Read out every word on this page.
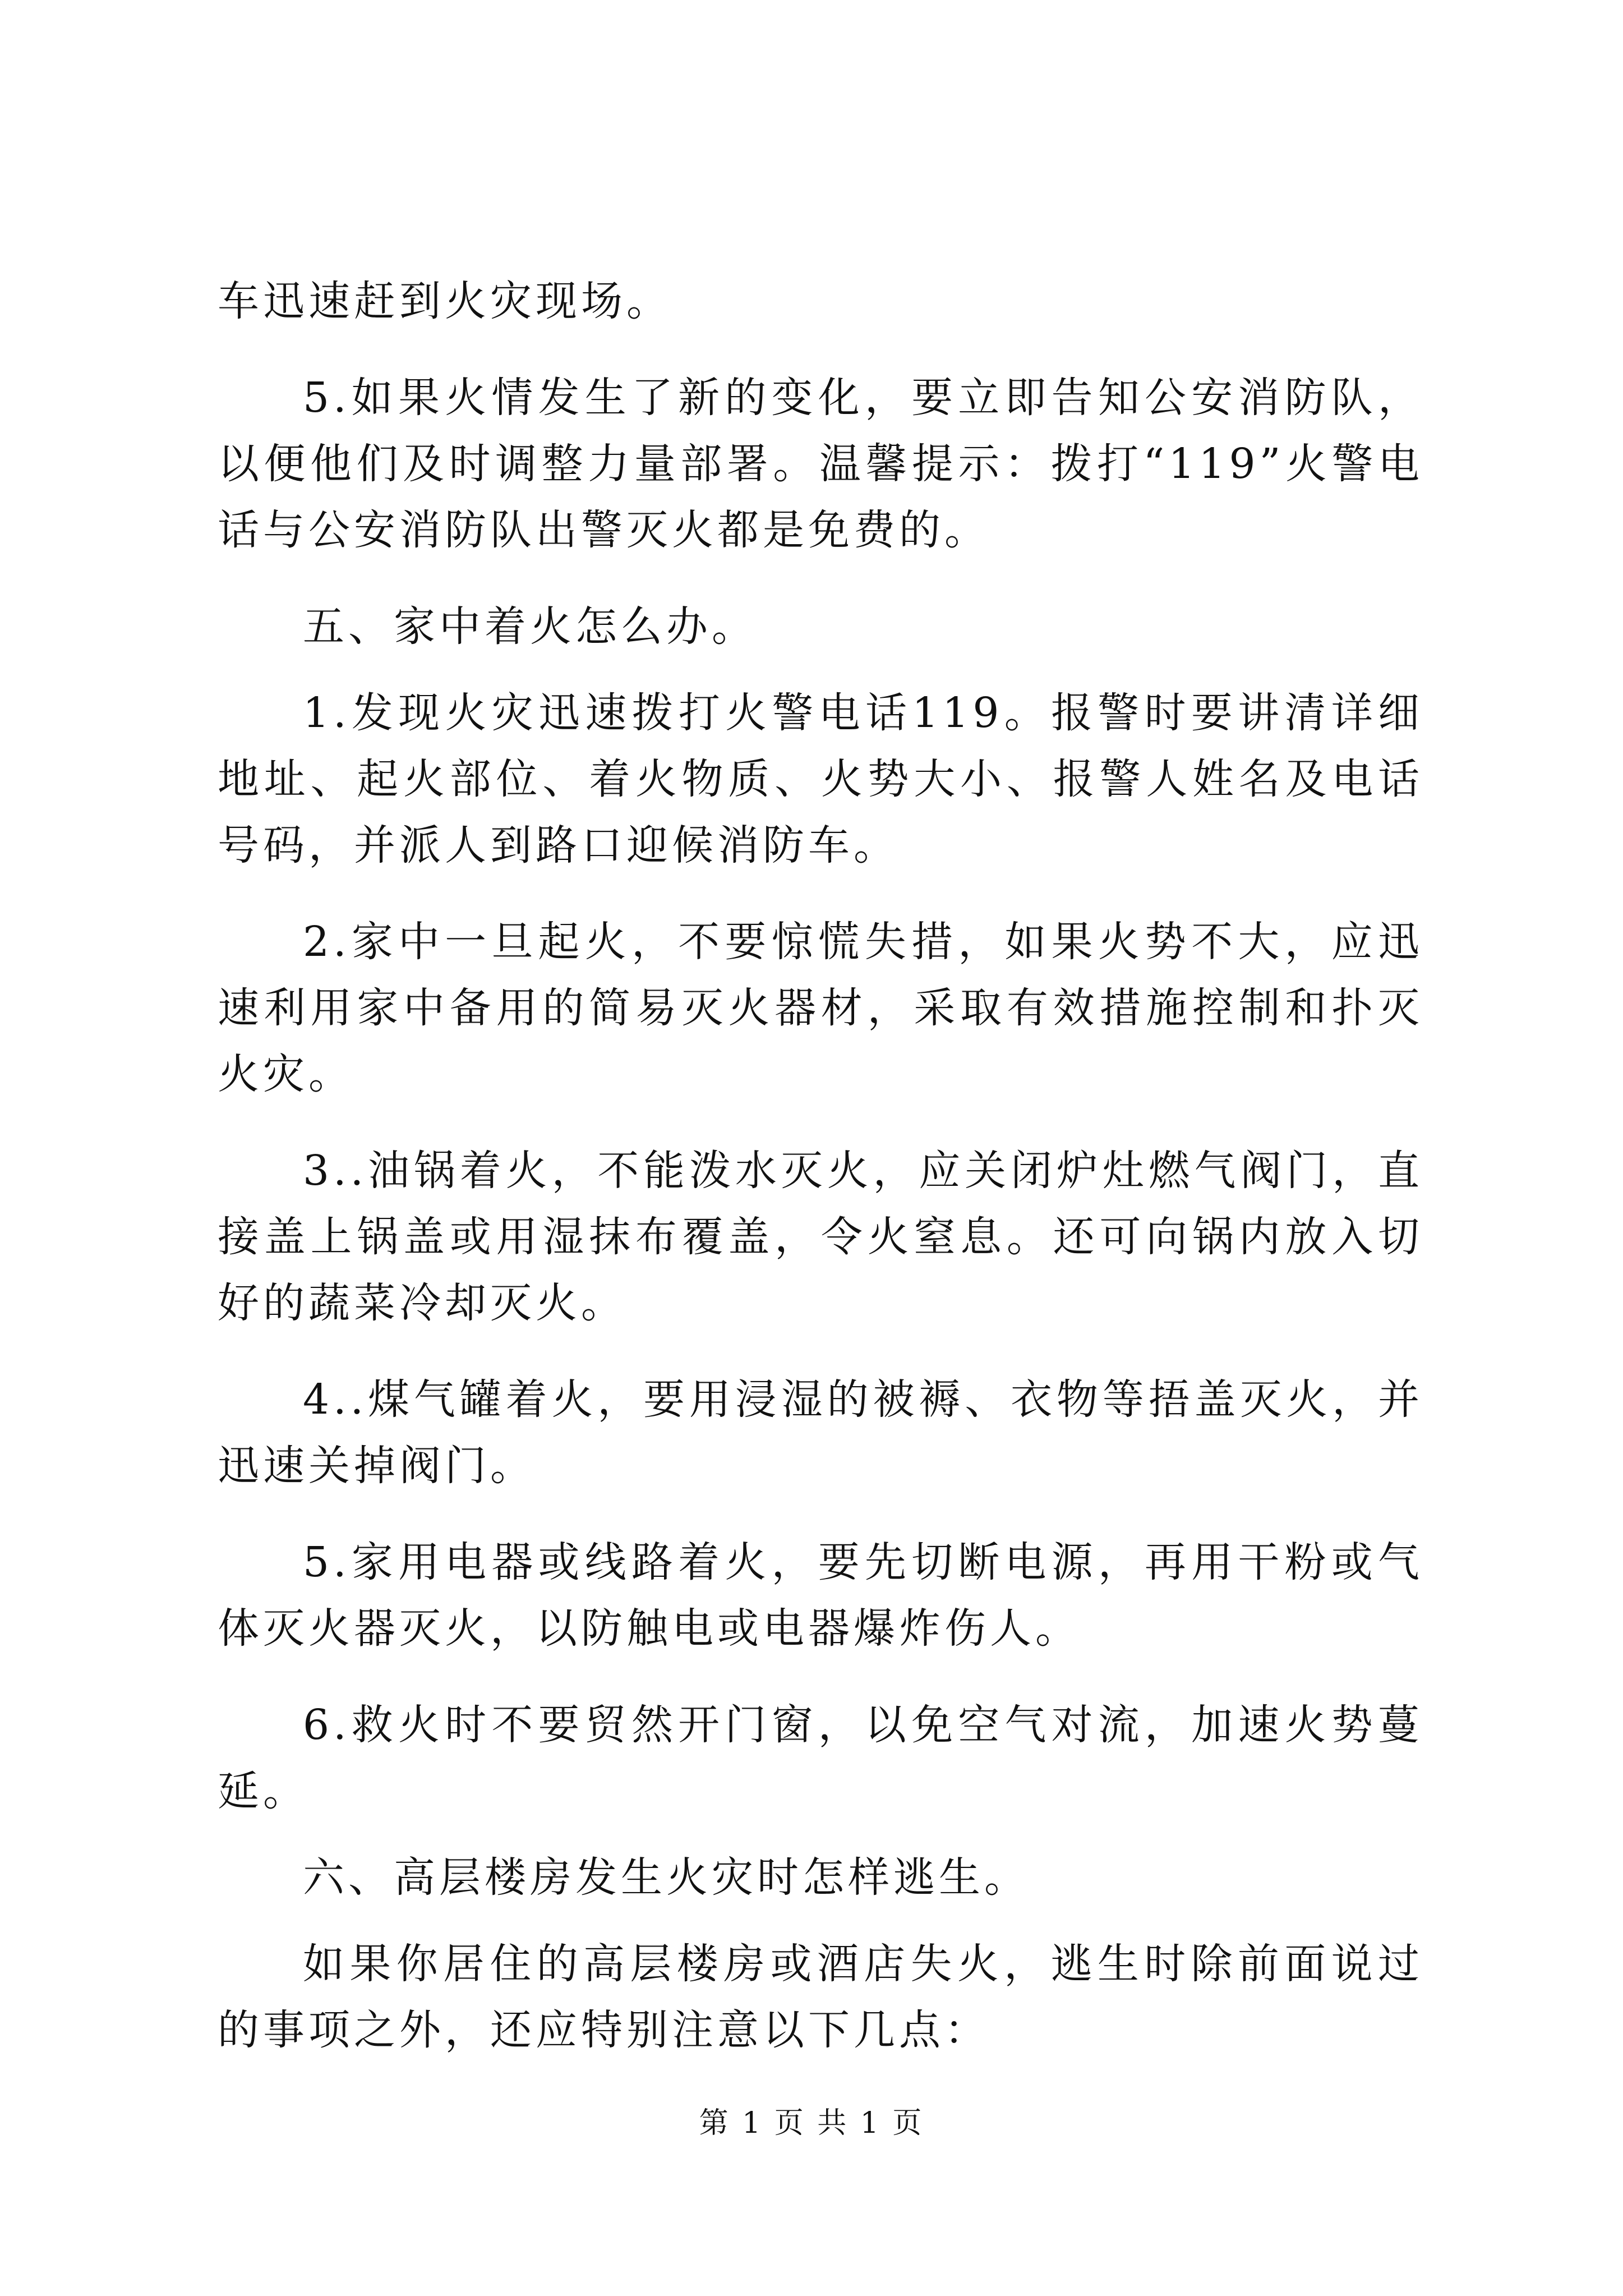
车迅速赶到火灾现场。

5.如果火情发生了新的变化，要立即告知公安消防队，以便他们及时调整力量部署。温馨提示：拨打“119”火警电话与公安消防队出警灭火都是免费的。

五、家中着火怎么办。

1.发现火灾迅速拨打火警电话119。报警时要讲清详细地址、起火部位、着火物质、火势大小、报警人姓名及电话号码，并派人到路口迎候消防车。

2.家中一旦起火，不要惊慌失措，如果火势不大，应迅速利用家中备用的简易灭火器材，采取有效措施控制和扑灭火灾。

3..油锅着火，不能泼水灭火，应关闭炉灶燃气阀门，直接盖上锅盖或用湿抹布覆盖，令火窒息。还可向锅内放入切好的蔬菜冷却灭火。

4..煤气罐着火，要用浸湿的被褥、衣物等捂盖灭火，并迅速关掉阀门。

5.家用电器或线路着火，要先切断电源，再用干粉或气体灭火器灭火，以防触电或电器爆炸伤人。

6.救火时不要贸然开门窗，以免空气对流，加速火势蔓延。

六、高层楼房发生火灾时怎样逃生。

如果你居住的高层楼房或酒店失火，逃生时除前面说过的事项之外，还应特别注意以下几点：

第 1 页 共 1 页
